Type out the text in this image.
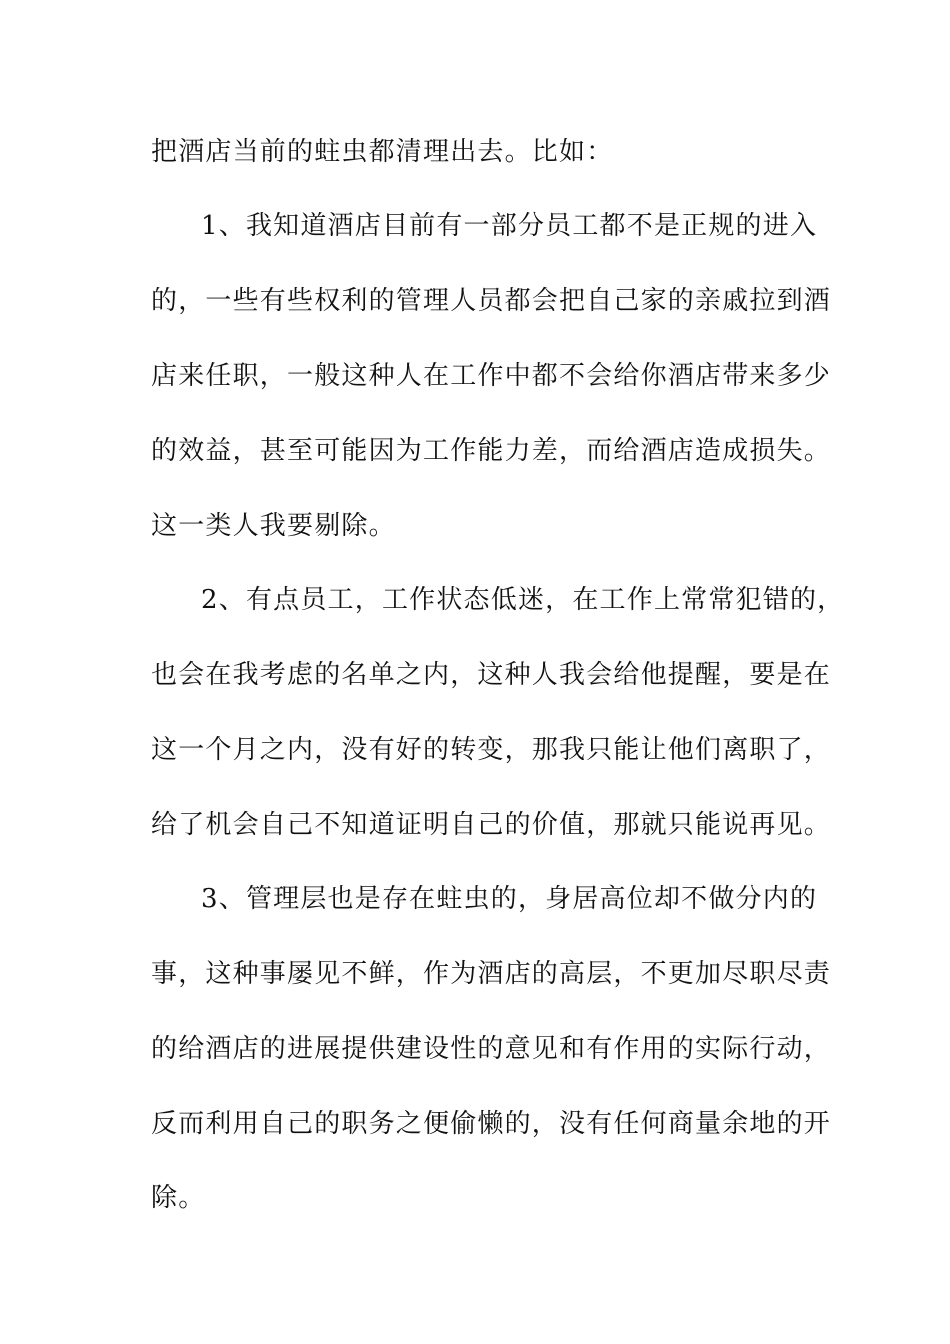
把酒店当前的蛀虫都清理出去。比如：
1、我知道酒店目前有一部分员工都不是正规的进入
的，一些有些权利的管理人员都会把自己家的亲戚拉到酒
店来任职，一般这种人在工作中都不会给你酒店带来多少
的效益，甚至可能因为工作能力差，而给酒店造成损失。
这一类人我要剔除。
2、有点员工，工作状态低迷，在工作上常常犯错的，
也会在我考虑的名单之内，这种人我会给他提醒，要是在
这一个月之内，没有好的转变，那我只能让他们离职了，
给了机会自己不知道证明自己的价值，那就只能说再见。
3、管理层也是存在蛀虫的，身居高位却不做分内的
事，这种事屡见不鲜，作为酒店的高层，不更加尽职尽责
的给酒店的进展提供建设性的意见和有作用的实际行动，
反而利用自己的职务之便偷懒的，没有任何商量余地的开
除。
